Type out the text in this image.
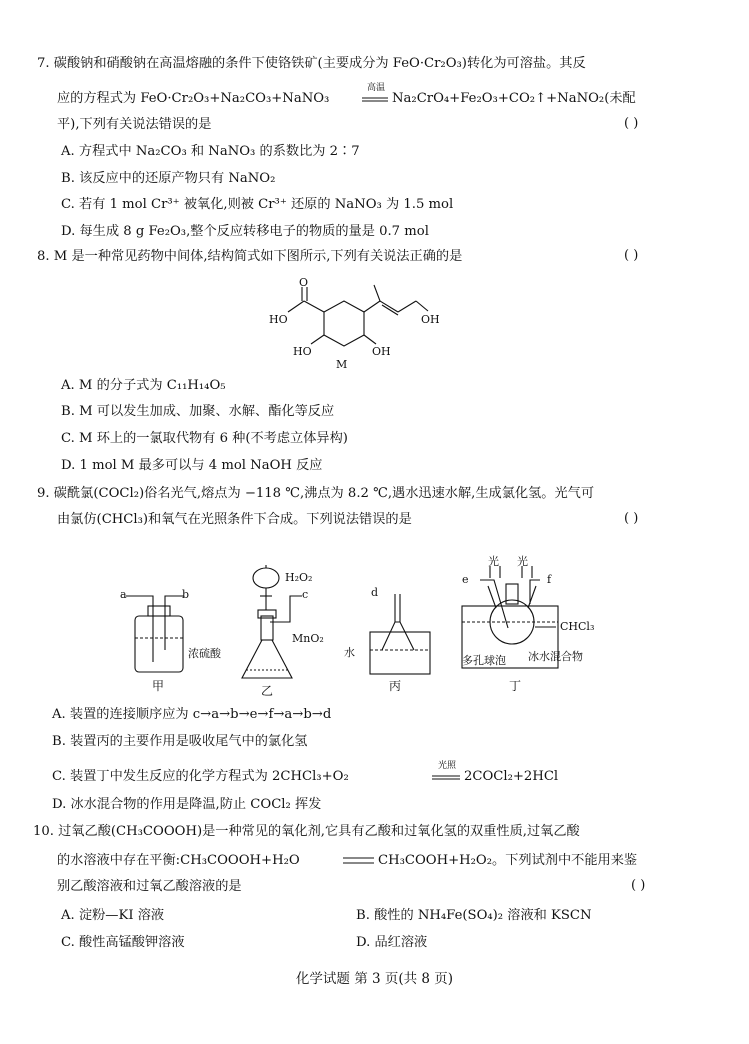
7. 碳酸钠和硝酸钠在高温熔融的条件下使铬铁矿(主要成分为 FeO·Cr₂O₃)转化为可溶盐。其反
应的方程式为 FeO·Cr₂O₃+Na₂CO₃+NaNO₃
高温
Na₂CrO₄+Fe₂O₃+CO₂↑+NaNO₂(未配
平),下列有关说法错误的是	( )
A. 方程式中 Na₂CO₃ 和 NaNO₃ 的系数比为 2∶7
B. 该反应中的还原产物只有 NaNO₂
C. 若有 1 mol Cr³⁺ 被氧化,则被 Cr³⁺ 还原的 NaNO₃ 为 1.5 mol
D. 每生成 8 g Fe₂O₃,整个反应转移电子的物质的量是 0.7 mol
8. M 是一种常见药物中间体,结构简式如下图所示,下列有关说法正确的是	( )
O
HO	OH
HO	OH
M
A. M 的分子式为 C₁₁H₁₄O₅
B. M 可以发生加成、加聚、水解、酯化等反应
C. M 环上的一氯取代物有 6 种(不考虑立体异构)
D. 1 mol M 最多可以与 4 mol NaOH 反应
9. 碳酰氯(COCl₂)俗名光气,熔点为 −118 ℃,沸点为 8.2 ℃,遇水迅速水解,生成氯化氢。光气可
由氯仿(CHCl₃)和氧气在光照条件下合成。下列说法错误的是	( )
a	b
浓硫酸
H₂O₂
c
MnO₂
d
水
光 光
e	f
CHCl₃
多孔球泡 冰水混合物
甲	乙	丙	丁
A. 装置的连接顺序应为 c→a→b→e→f→a→b→d
B. 装置丙的主要作用是吸收尾气中的氯化氢
C. 装置丁中发生反应的化学方程式为 2CHCl₃+O₂
光照
2COCl₂+2HCl
D. 冰水混合物的作用是降温,防止 COCl₂ 挥发
10. 过氧乙酸(CH₃COOOH)是一种常见的氧化剂,它具有乙酸和过氧化氢的双重性质,过氧乙酸
的水溶液中存在平衡:CH₃COOOH+H₂O	CH₃COOH+H₂O₂。下列试剂中不能用来鉴
别乙酸溶液和过氧乙酸溶液的是	( )
A. 淀粉—KI 溶液	B. 酸性的 NH₄Fe(SO₄)₂ 溶液和 KSCN
C. 酸性高锰酸钾溶液	D. 品红溶液
化学试题 第 3 页(共 8 页)
